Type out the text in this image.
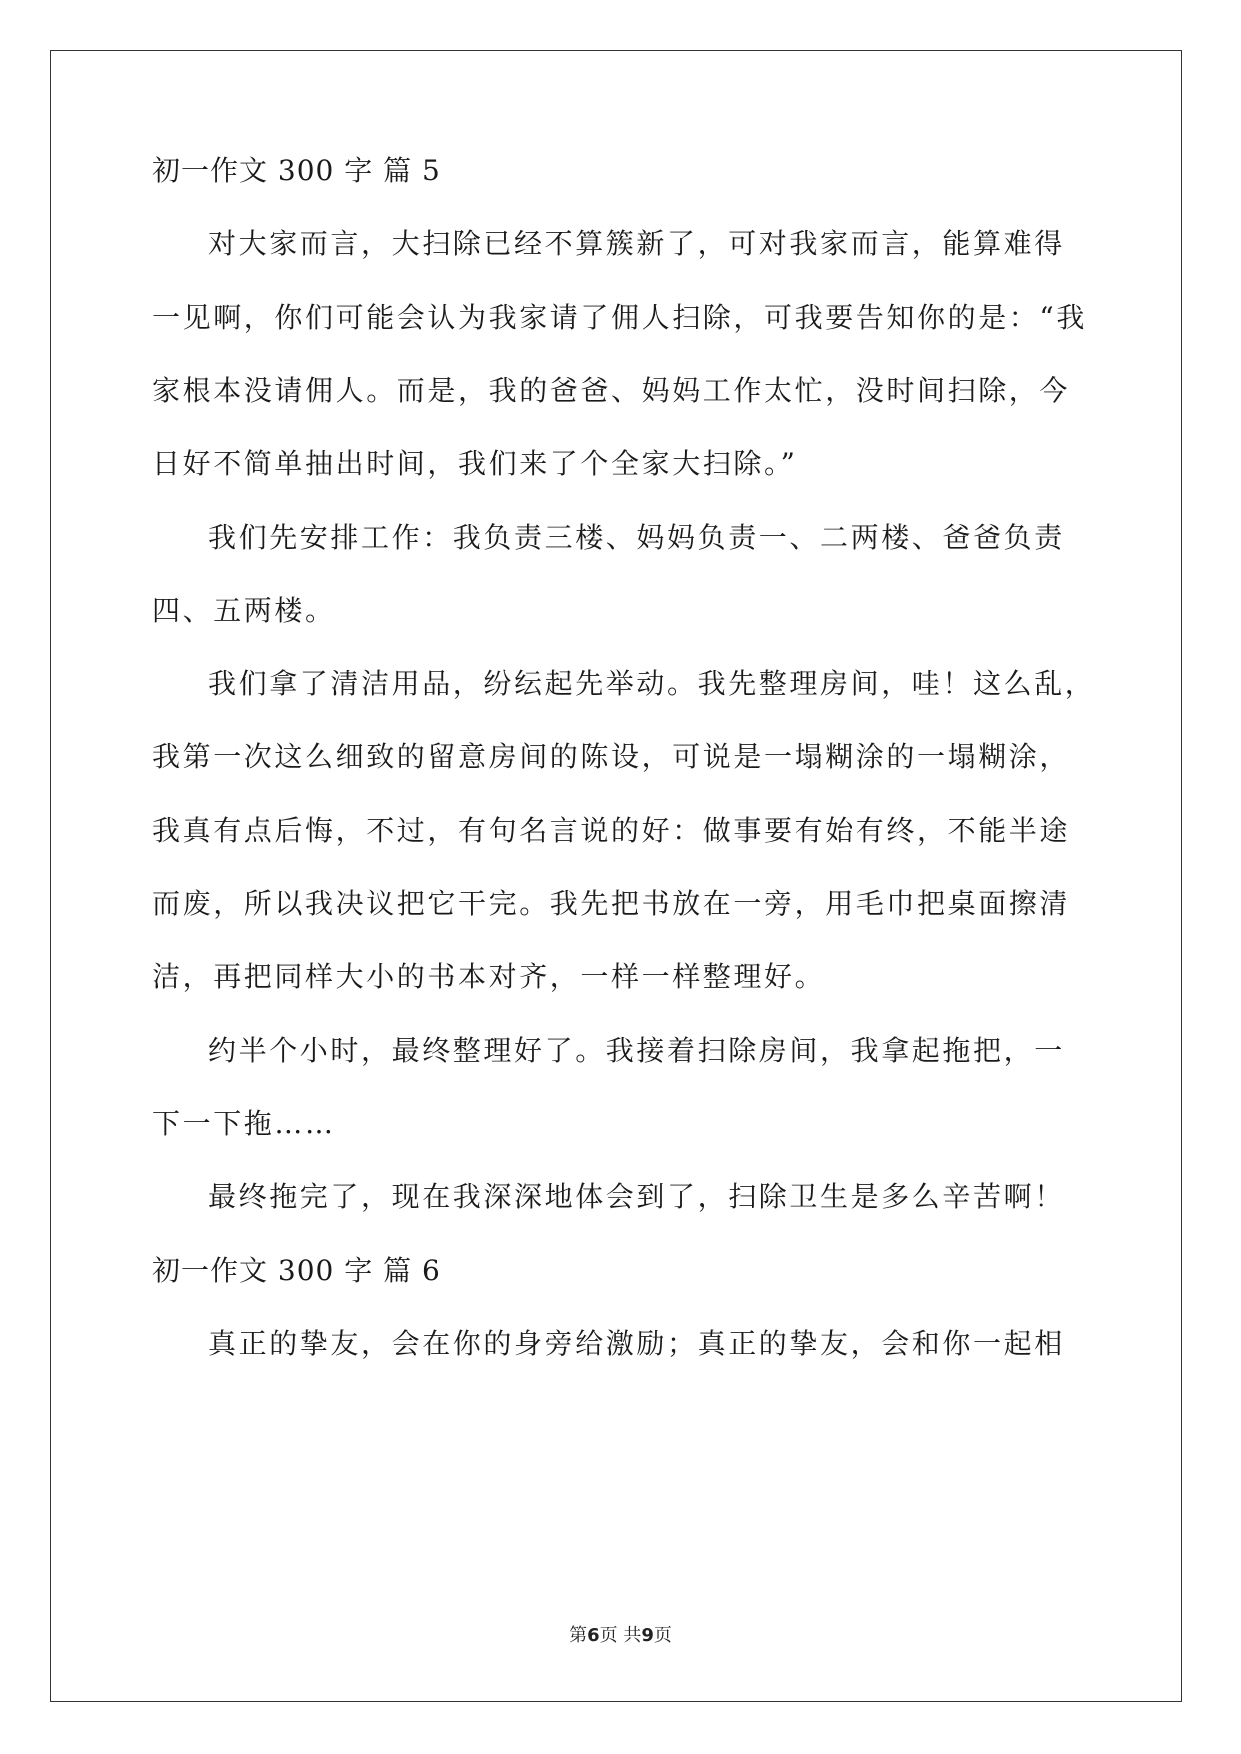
初一作文 300 字 篇 5
对大家而言，大扫除已经不算簇新了，可对我家而言，能算难得
一见啊，你们可能会认为我家请了佣人扫除，可我要告知你的是：“我
家根本没请佣人。而是，我的爸爸、妈妈工作太忙，没时间扫除，今
日好不简单抽出时间，我们来了个全家大扫除。”
我们先安排工作：我负责三楼、妈妈负责一、二两楼、爸爸负责
四、五两楼。
我们拿了清洁用品，纷纭起先举动。我先整理房间，哇！这么乱，
我第一次这么细致的留意房间的陈设，可说是一塌糊涂的一塌糊涂，
我真有点后悔，不过，有句名言说的好：做事要有始有终，不能半途
而废，所以我决议把它干完。我先把书放在一旁，用毛巾把桌面擦清
洁，再把同样大小的书本对齐，一样一样整理好。
约半个小时，最终整理好了。我接着扫除房间，我拿起拖把，一
下一下拖……
最终拖完了，现在我深深地体会到了，扫除卫生是多么辛苦啊！
初一作文 300 字 篇 6
真正的挚友，会在你的身旁给激励；真正的挚友，会和你一起相
第6页 共9页
